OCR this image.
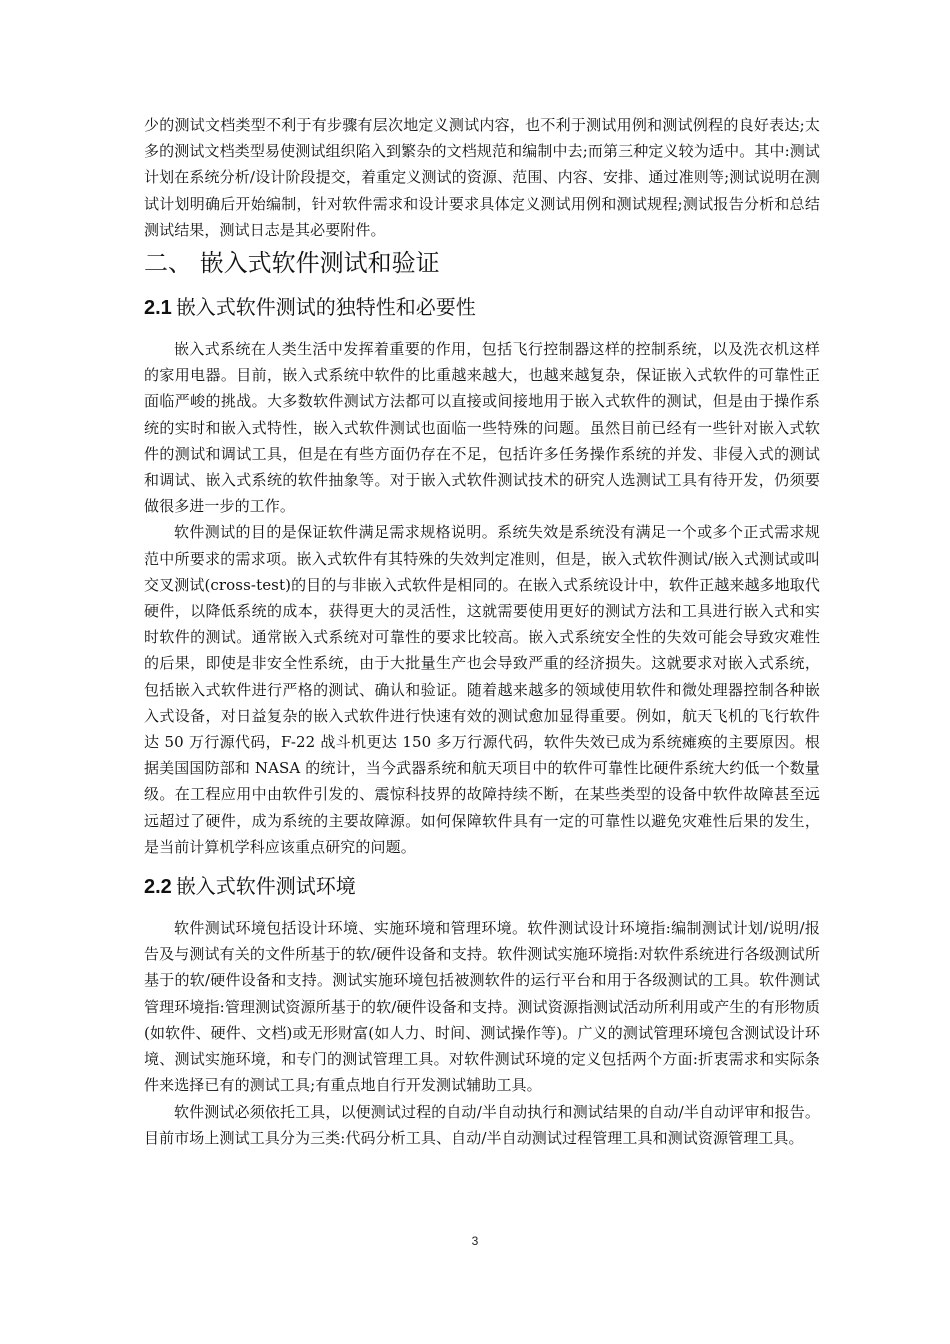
少的测试文档类型不利于有步骤有层次地定义测试内容，也不利于测试用例和测试例程的良好表达;太多的测试文档类型易使测试组织陷入到繁杂的文档规范和编制中去;而第三种定义较为适中。其中:测试计划在系统分析/设计阶段提交，着重定义测试的资源、范围、内容、安排、通过准则等;测试说明在测试计划明确后开始编制，针对软件需求和设计要求具体定义测试用例和测试规程;测试报告分析和总结测试结果，测试日志是其必要附件。

二、 嵌入式软件测试和验证
2.1 嵌入式软件测试的独特性和必要性

嵌入式系统在人类生活中发挥着重要的作用，包括飞行控制器这样的控制系统，以及洗衣机这样的家用电器。目前，嵌入式系统中软件的比重越来越大，也越来越复杂，保证嵌入式软件的可靠性正面临严峻的挑战。大多数软件测试方法都可以直接或间接地用于嵌入式软件的测试，但是由于操作系统的实时和嵌入式特性，嵌入式软件测试也面临一些特殊的问题。虽然目前已经有一些针对嵌入式软件的测试和调试工具，但是在有些方面仍存在不足，包括许多任务操作系统的并发、非侵入式的测试和调试、嵌入式系统的软件抽象等。对于嵌入式软件测试技术的研究人选测试工具有待开发，仍须要做很多进一步的工作。

软件测试的目的是保证软件满足需求规格说明。系统失效是系统没有满足一个或多个正式需求规范中所要求的需求项。嵌入式软件有其特殊的失效判定准则，但是，嵌入式软件测试/嵌入式测试或叫交叉测试(cross-test)的目的与非嵌入式软件是相同的。在嵌入式系统设计中，软件正越来越多地取代硬件，以降低系统的成本，获得更大的灵活性，这就需要使用更好的测试方法和工具进行嵌入式和实时软件的测试。通常嵌入式系统对可靠性的要求比较高。嵌入式系统安全性的失效可能会导致灾难性的后果，即使是非安全性系统，由于大批量生产也会导致严重的经济损失。这就要求对嵌入式系统，包括嵌入式软件进行严格的测试、确认和验证。随着越来越多的领域使用软件和微处理器控制各种嵌入式设备，对日益复杂的嵌入式软件进行快速有效的测试愈加显得重要。例如，航天飞机的飞行软件达 50 万行源代码，F-22 战斗机更达 150 多万行源代码，软件失效已成为系统瘫痪的主要原因。根据美国国防部和 NASA 的统计，当今武器系统和航天项目中的软件可靠性比硬件系统大约低一个数量级。在工程应用中由软件引发的、震惊科技界的故障持续不断，在某些类型的设备中软件故障甚至远远超过了硬件，成为系统的主要故障源。如何保障软件具有一定的可靠性以避免灾难性后果的发生，是当前计算机学科应该重点研究的问题。

2.2 嵌入式软件测试环境

软件测试环境包括设计环境、实施环境和管理环境。软件测试设计环境指:编制测试计划/说明/报告及与测试有关的文件所基于的软/硬件设备和支持。软件测试实施环境指:对软件系统进行各级测试所基于的软/硬件设备和支持。测试实施环境包括被测软件的运行平台和用于各级测试的工具。软件测试管理环境指:管理测试资源所基于的软/硬件设备和支持。测试资源指测试活动所利用或产生的有形物质(如软件、硬件、文档)或无形财富(如人力、时间、测试操作等)。广义的测试管理环境包含测试设计环境、测试实施环境，和专门的测试管理工具。对软件测试环境的定义包括两个方面:折衷需求和实际条件来选择已有的测试工具;有重点地自行开发测试辅助工具。

软件测试必须依托工具，以便测试过程的自动/半自动执行和测试结果的自动/半自动评审和报告。目前市场上测试工具分为三类:代码分析工具、自动/半自动测试过程管理工具和测试资源管理工具。

3
